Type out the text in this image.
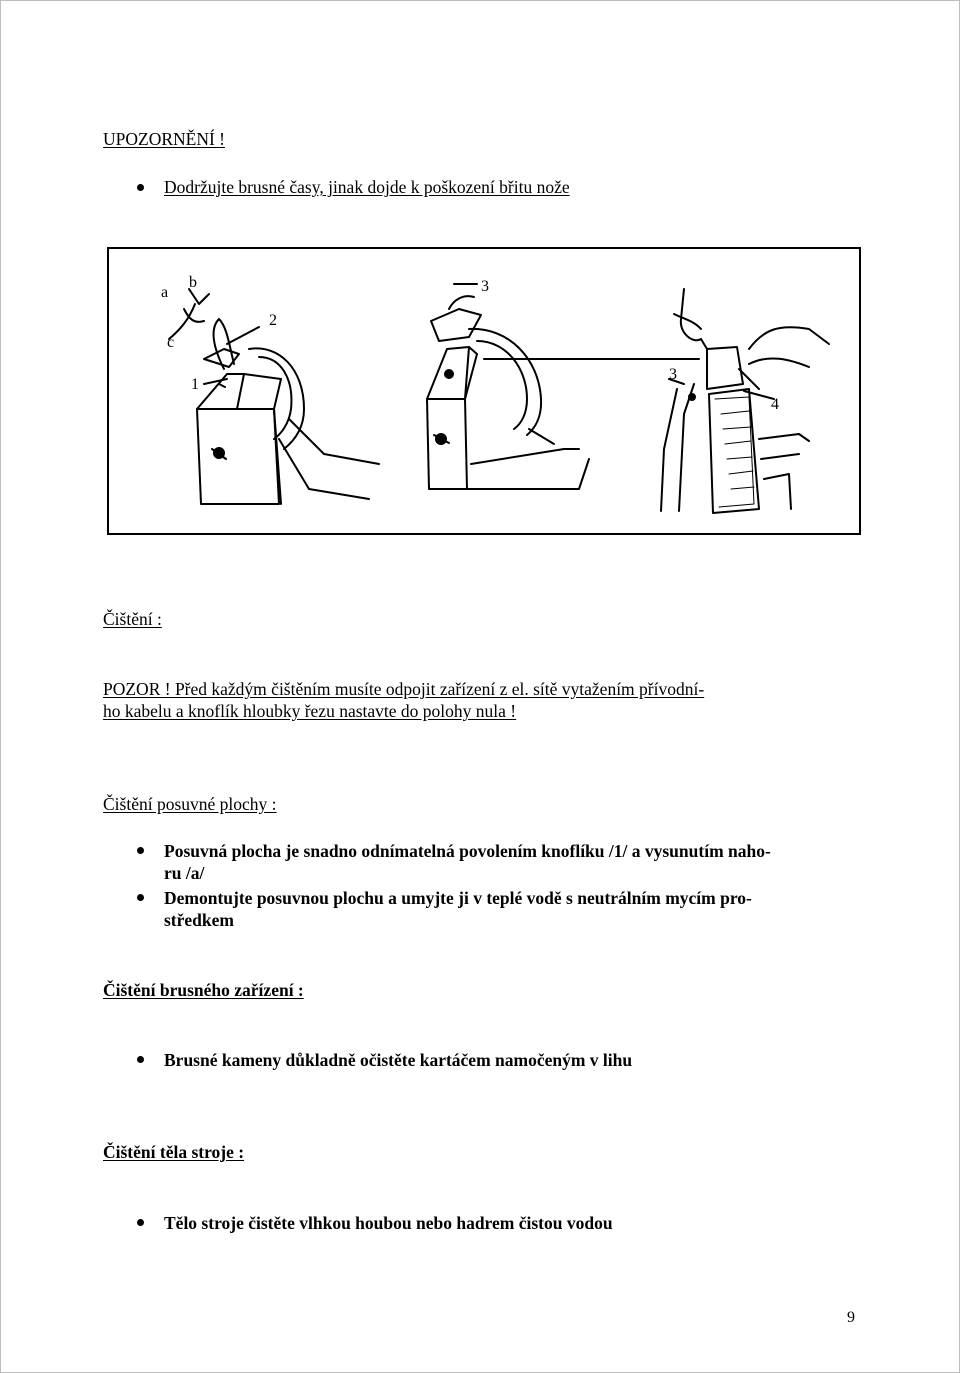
UPOZORNĚNÍ !
Dodržujte brusné časy, jinak dojde k poškození břitu nože
a
b
c
2
1
3
3
4
Čištění :
POZOR ! Před každým čištěním musíte odpojit zařízení z el. sítě vytažením přívodní-
ho kabelu a knoflík hloubky řezu nastavte do polohy nula !
Čištění posuvné plochy :
Posuvná plocha je snadno odnímatelná povolením knoflíku /1/ a vysunutím naho-
ru /a/
Demontujte posuvnou plochu a umyjte ji v teplé vodě s neutrálním mycím pro-
středkem
Čištění brusného zařízení :
Brusné kameny důkladně očistěte kartáčem namočeným v lihu
Čištění těla stroje :
Tělo stroje čistěte vlhkou houbou nebo hadrem čistou vodou
9
